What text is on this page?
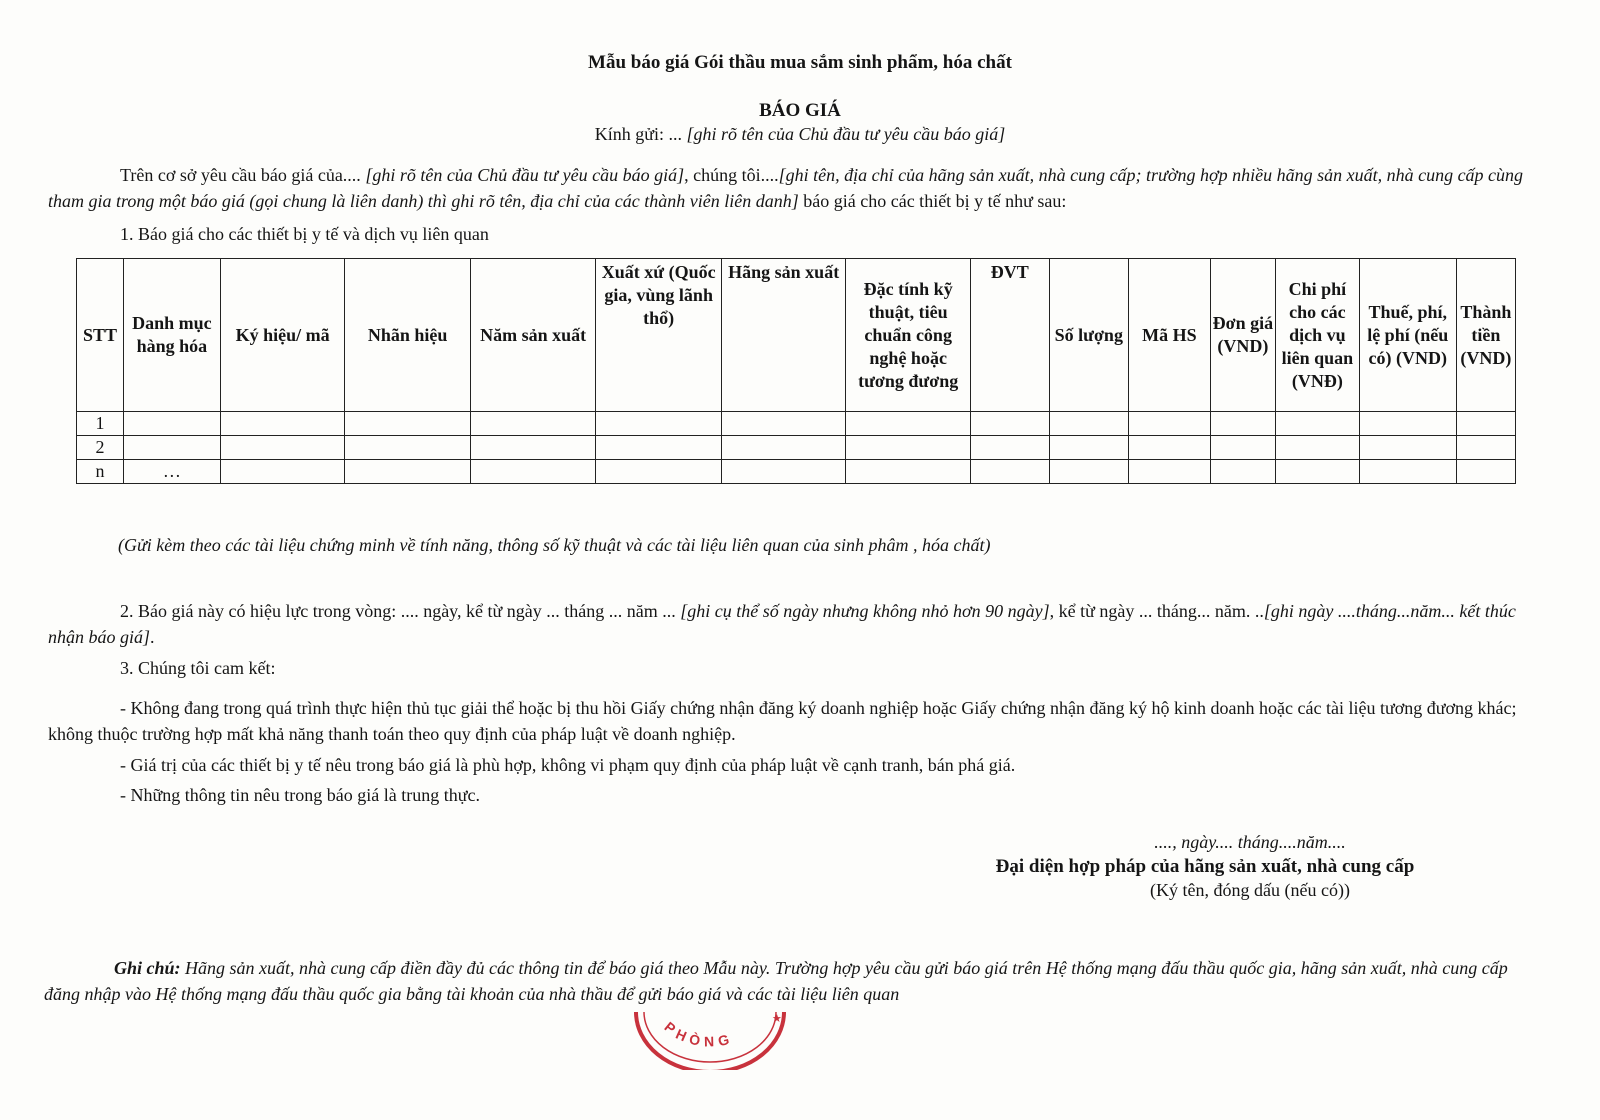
Mẫu báo giá Gói thầu mua sắm sinh phẩm, hóa chất
BÁO GIÁ
Kính gửi: ... [ghi rõ tên của Chủ đầu tư yêu cầu báo giá]
Trên cơ sở yêu cầu báo giá của.... [ghi rõ tên của Chủ đầu tư yêu cầu báo giá], chúng tôi....[ghi tên, địa chỉ của hãng sản xuất, nhà cung cấp; trường hợp nhiều hãng sản xuất, nhà cung cấp cùng tham gia trong một báo giá (gọi chung là liên danh) thì ghi rõ tên, địa chỉ của các thành viên liên danh] báo giá cho các thiết bị y tế như sau:
1. Báo giá cho các thiết bị y tế và dịch vụ liên quan
STT	Danh mục hàng hóa	Ký hiệu/ mã	Nhãn hiệu	Năm sản xuất	Xuất xứ (Quốc gia, vùng lãnh thổ)	Hãng sản xuất	Đặc tính kỹ thuật, tiêu chuẩn công nghệ hoặc tương đương	ĐVT	Số lượng	Mã HS	Đơn giá (VND)	Chi phí cho các dịch vụ liên quan (VNĐ)	Thuế, phí, lệ phí (nếu có) (VND)	Thành tiền (VND)
1														
2														
n	…													
(Gửi kèm theo các tài liệu chứng minh về tính năng, thông số kỹ thuật và các tài liệu liên quan của sinh phâm , hóa chất)
2. Báo giá này có hiệu lực trong vòng: .... ngày, kể từ ngày ... tháng ... năm ... [ghi cụ thể số ngày nhưng không nhỏ hơn 90 ngày], kể từ ngày ... tháng... năm. ..[ghi ngày ....tháng...năm... kết thúc nhận báo giá].
3. Chúng tôi cam kết:
- Không đang trong quá trình thực hiện thủ tục giải thể hoặc bị thu hồi Giấy chứng nhận đăng ký doanh nghiệp hoặc Giấy chứng nhận đăng ký hộ kinh doanh hoặc các tài liệu tương đương khác; không thuộc trường hợp mất khả năng thanh toán theo quy định của pháp luật về doanh nghiệp.
- Giá trị của các thiết bị y tế nêu trong báo giá là phù hợp, không vi phạm quy định của pháp luật về cạnh tranh, bán phá giá.
- Những thông tin nêu trong báo giá là trung thực.
...., ngày.... tháng....năm....
Đại diện hợp pháp của hãng sản xuất, nhà cung cấp
(Ký tên, đóng dấu (nếu có))
Ghi chú: Hãng sản xuất, nhà cung cấp điền đầy đủ các thông tin để báo giá theo Mẫu này. Trường hợp yêu cầu gửi báo giá trên Hệ thống mạng đấu thầu quốc gia, hãng sản xuất, nhà cung cấp đăng nhập vào Hệ thống mạng đấu thầu quốc gia bằng tài khoản của nhà thầu để gửi báo giá và các tài liệu liên quan
PHÒNG
★
